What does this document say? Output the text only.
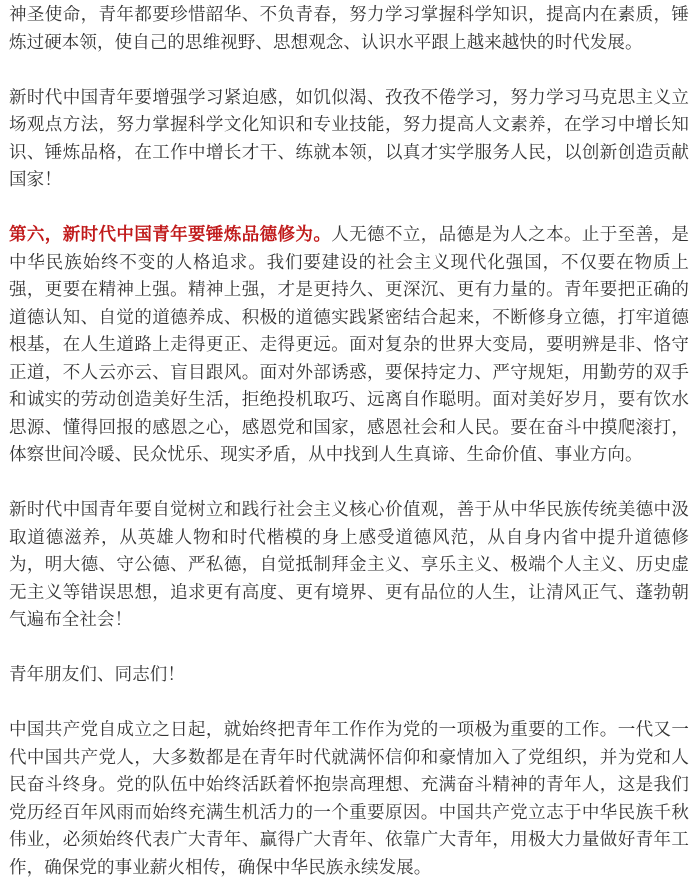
神圣使命，青年都要珍惜韶华、不负青春，努力学习掌握科学知识，提高内在素质，锤炼过硬本领，使自己的思维视野、思想观念、认识水平跟上越来越快的时代发展。

新时代中国青年要增强学习紧迫感，如饥似渴、孜孜不倦学习，努力学习马克思主义立场观点方法，努力掌握科学文化知识和专业技能，努力提高人文素养，在学习中增长知识、锤炼品格，在工作中增长才干、练就本领，以真才实学服务人民，以创新创造贡献国家！

第六，新时代中国青年要锤炼品德修为。人无德不立，品德是为人之本。止于至善，是中华民族始终不变的人格追求。我们要建设的社会主义现代化强国，不仅要在物质上强，更要在精神上强。精神上强，才是更持久、更深沉、更有力量的。青年要把正确的道德认知、自觉的道德养成、积极的道德实践紧密结合起来，不断修身立德，打牢道德根基，在人生道路上走得更正、走得更远。面对复杂的世界大变局，要明辨是非、恪守正道，不人云亦云、盲目跟风。面对外部诱惑，要保持定力、严守规矩，用勤劳的双手和诚实的劳动创造美好生活，拒绝投机取巧、远离自作聪明。面对美好岁月，要有饮水思源、懂得回报的感恩之心，感恩党和国家，感恩社会和人民。要在奋斗中摸爬滚打，体察世间冷暖、民众忧乐、现实矛盾，从中找到人生真谛、生命价值、事业方向。

新时代中国青年要自觉树立和践行社会主义核心价值观，善于从中华民族传统美德中汲取道德滋养，从英雄人物和时代楷模的身上感受道德风范，从自身内省中提升道德修为，明大德、守公德、严私德，自觉抵制拜金主义、享乐主义、极端个人主义、历史虚无主义等错误思想，追求更有高度、更有境界、更有品位的人生，让清风正气、蓬勃朝气遍布全社会！

青年朋友们、同志们！

中国共产党自成立之日起，就始终把青年工作作为党的一项极为重要的工作。一代又一代中国共产党人，大多数都是在青年时代就满怀信仰和豪情加入了党组织，并为党和人民奋斗终身。党的队伍中始终活跃着怀抱崇高理想、充满奋斗精神的青年人，这是我们党历经百年风雨而始终充满生机活力的一个重要原因。中国共产党立志于中华民族千秋伟业，必须始终代表广大青年、赢得广大青年、依靠广大青年，用极大力量做好青年工作，确保党的事业薪火相传，确保中华民族永续发展。
